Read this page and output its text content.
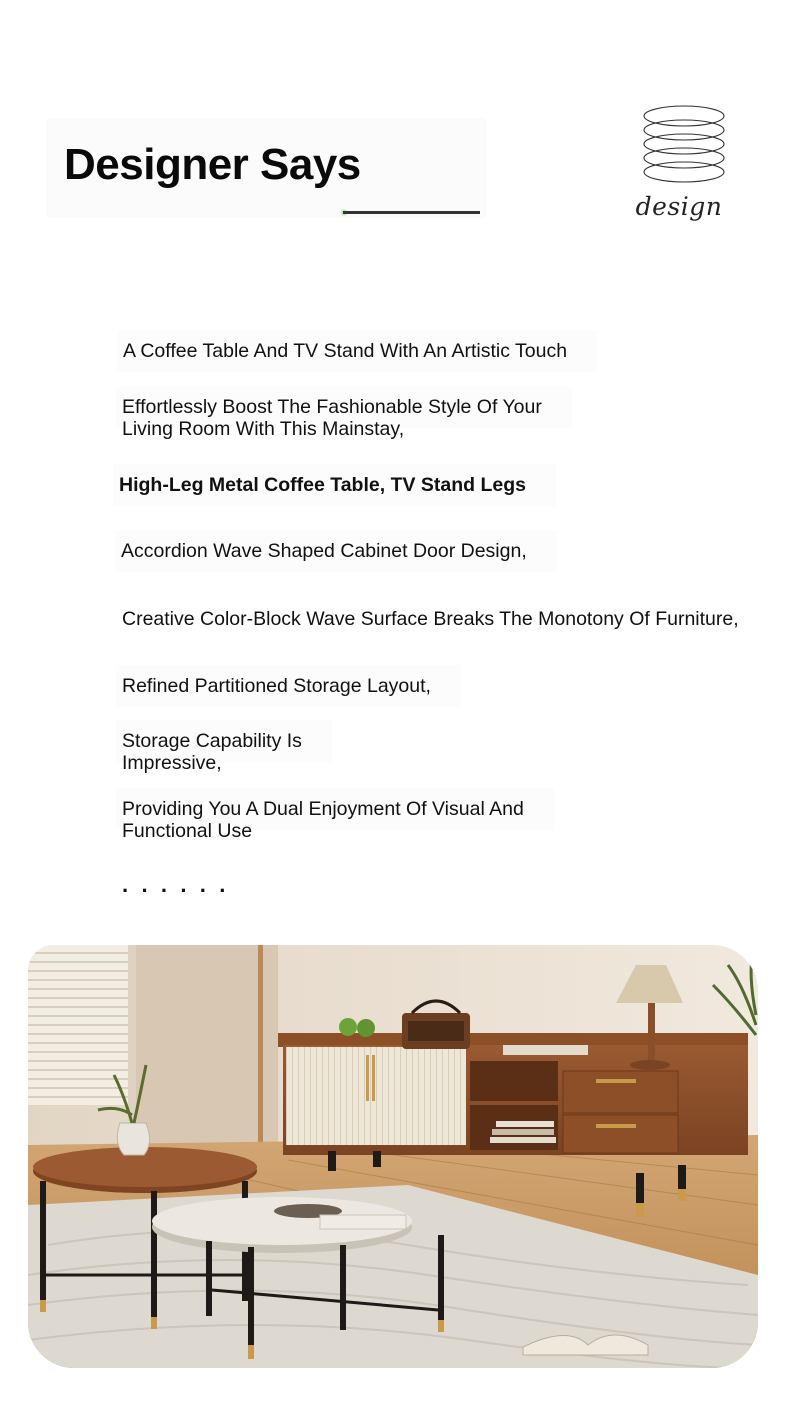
Designer Says
design

A Coffee Table And TV Stand With An Artistic Touch

Effortlessly Boost The Fashionable Style Of Your

Living Room With This Mainstay,

High-Leg Metal Coffee Table, TV Stand Legs

Accordion Wave Shaped Cabinet Door Design,

Creative Color-Block Wave Surface Breaks The Monotony Of Furniture,

Refined Partitioned Storage Layout,

Storage Capability Is

Impressive,

Providing You A Dual Enjoyment Of Visual And

Functional Use

· · · · · ·
